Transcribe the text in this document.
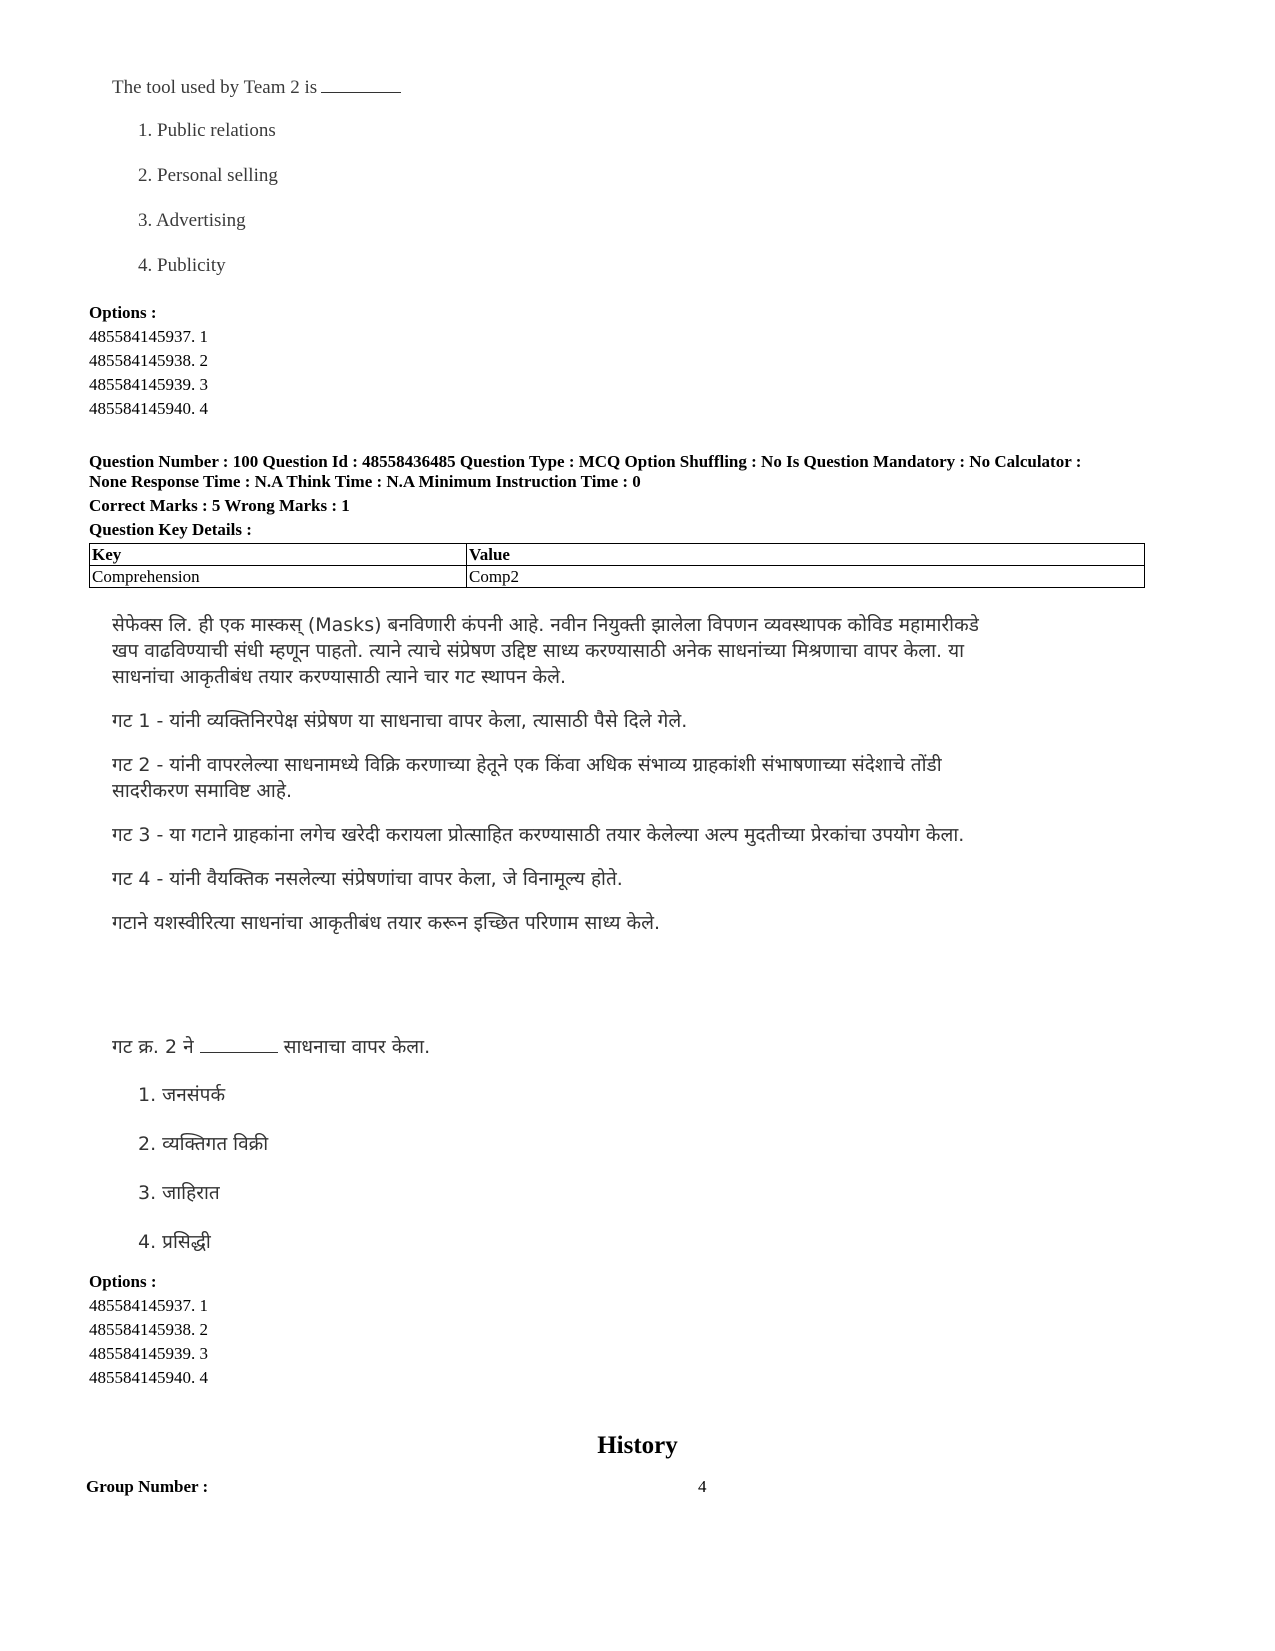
The tool used by Team 2 is
1. Public relations
2. Personal selling
3. Advertising
4. Publicity
Options :
485584145937. 1
485584145938. 2
485584145939. 3
485584145940. 4
Question Number : 100 Question Id : 48558436485 Question Type : MCQ Option Shuffling : No Is Question Mandatory : No Calculator :
None Response Time : N.A Think Time : N.A Minimum Instruction Time : 0
Correct Marks : 5 Wrong Marks : 1
Question Key Details :
Key	Value
Comprehension	Comp2

सेफेक्स लि. ही एक मास्कस् (Masks) बनविणारी कंपनी आहे. नवीन नियुक्ती झालेला विपणन व्यवस्थापक कोविड महामारीकडे खप वाढविण्याची संधी म्हणून पाहतो. त्याने त्याचे संप्रेषण उद्दिष्ट साध्य करण्यासाठी अनेक साधनांच्या मिश्रणाचा वापर केला. या साधनांचा आकृतीबंध तयार करण्यासाठी त्याने चार गट स्थापन केले.

गट 1 - यांनी व्यक्तिनिरपेक्ष संप्रेषण या साधनाचा वापर केला, त्यासाठी पैसे दिले गेले.

गट 2 - यांनी वापरलेल्या साधनामध्ये विक्रि करणाच्या हेतूने एक किंवा अधिक संभाव्य ग्राहकांशी संभाषणाच्या संदेशाचे तोंडी सादरीकरण समाविष्ट आहे.

गट 3 - या गटाने ग्राहकांना लगेच खरेदी करायला प्रोत्साहित करण्यासाठी तयार केलेल्या अल्प मुदतीच्या प्रेरकांचा उपयोग केला.

गट 4 - यांनी वैयक्तिक नसलेल्या संप्रेषणांचा वापर केला, जे विनामूल्य होते.

गटाने यशस्वीरित्या साधनांचा आकृतीबंध तयार करून इच्छित परिणाम साध्य केले.

गट क्र. 2 ने	साधनाचा वापर केला.
1. जनसंपर्क
2. व्यक्तिगत विक्री
3. जाहिरात
4. प्रसिद्धी
Options :
485584145937. 1
485584145938. 2
485584145939. 3
485584145940. 4
History
Group Number :	4
